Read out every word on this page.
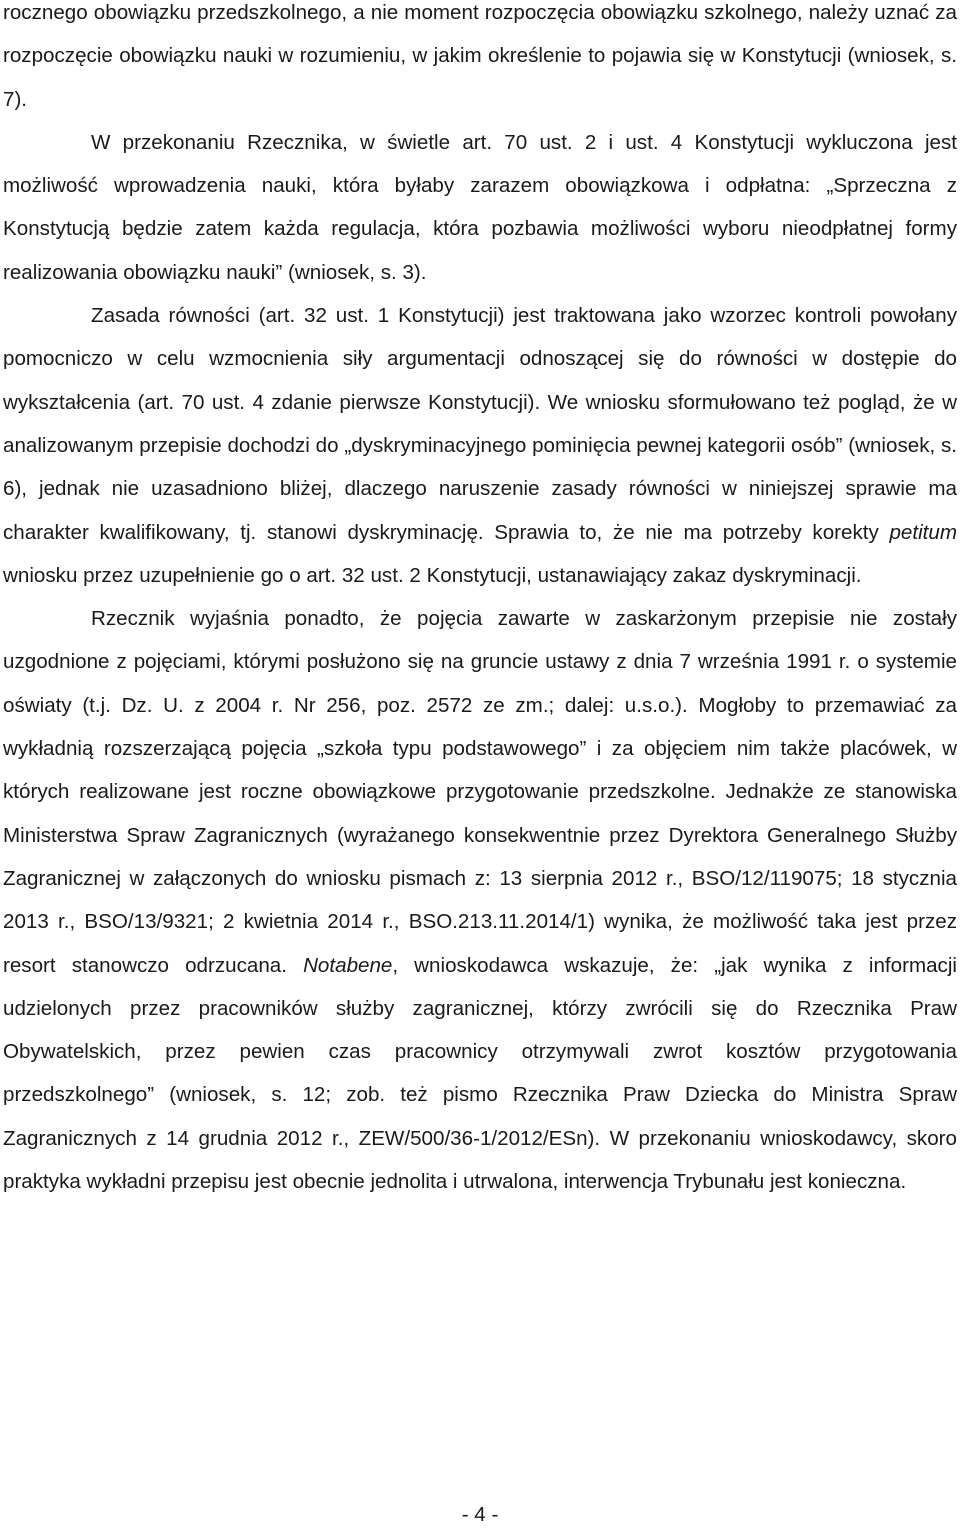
rocznego obowiązku przedszkolnego, a nie moment rozpoczęcia obowiązku szkolnego, należy uznać za rozpoczęcie obowiązku nauki w rozumieniu, w jakim określenie to pojawia się w Konstytucji (wniosek, s. 7).

W przekonaniu Rzecznika, w świetle art. 70 ust. 2 i ust. 4 Konstytucji wykluczona jest możliwość wprowadzenia nauki, która byłaby zarazem obowiązkowa i odpłatna: „Sprzeczna z Konstytucją będzie zatem każda regulacja, która pozbawia możliwości wyboru nieodpłatnej formy realizowania obowiązku nauki” (wniosek, s. 3).

Zasada równości (art. 32 ust. 1 Konstytucji) jest traktowana jako wzorzec kontroli powołany pomocniczo w celu wzmocnienia siły argumentacji odnoszącej się do równości w dostępie do wykształcenia (art. 70 ust. 4 zdanie pierwsze Konstytucji). We wniosku sformułowano też pogląd, że w analizowanym przepisie dochodzi do „dyskryminacyjnego pominięcia pewnej kategorii osób” (wniosek, s. 6), jednak nie uzasadniono bliżej, dlaczego naruszenie zasady równości w niniejszej sprawie ma charakter kwalifikowany, tj. stanowi dyskryminację. Sprawia to, że nie ma potrzeby korekty petitum wniosku przez uzupełnienie go o art. 32 ust. 2 Konstytucji, ustanawiający zakaz dyskryminacji.

Rzecznik wyjaśnia ponadto, że pojęcia zawarte w zaskarżonym przepisie nie zostały uzgodnione z pojęciami, którymi posłużono się na gruncie ustawy z dnia 7 września 1991 r. o systemie oświaty (t.j. Dz. U. z 2004 r. Nr 256, poz. 2572 ze zm.; dalej: u.s.o.). Mogłoby to przemawiać za wykładnią rozszerzającą pojęcia „szkoła typu podstawowego” i za objęciem nim także placówek, w których realizowane jest roczne obowiązkowe przygotowanie przedszkolne. Jednakże ze stanowiska Ministerstwa Spraw Zagranicznych (wyrażanego konsekwentnie przez Dyrektora Generalnego Służby Zagranicznej w załączonych do wniosku pismach z: 13 sierpnia 2012 r., BSO/12/119075; 18 stycznia 2013 r., BSO/13/9321; 2 kwietnia 2014 r., BSO.213.11.2014/1) wynika, że możliwość taka jest przez resort stanowczo odrzucana. Notabene, wnioskodawca wskazuje, że: „jak wynika z informacji udzielonych przez pracowników służby zagranicznej, którzy zwrócili się do Rzecznika Praw Obywatelskich, przez pewien czas pracownicy otrzymywali zwrot kosztów przygotowania przedszkolnego” (wniosek, s. 12; zob. też pismo Rzecznika Praw Dziecka do Ministra Spraw Zagranicznych z 14 grudnia 2012 r., ZEW/500/36-1/2012/ESn). W przekonaniu wnioskodawcy, skoro praktyka wykładni przepisu jest obecnie jednolita i utrwalona, interwencja Trybunału jest konieczna.

- 4 -
